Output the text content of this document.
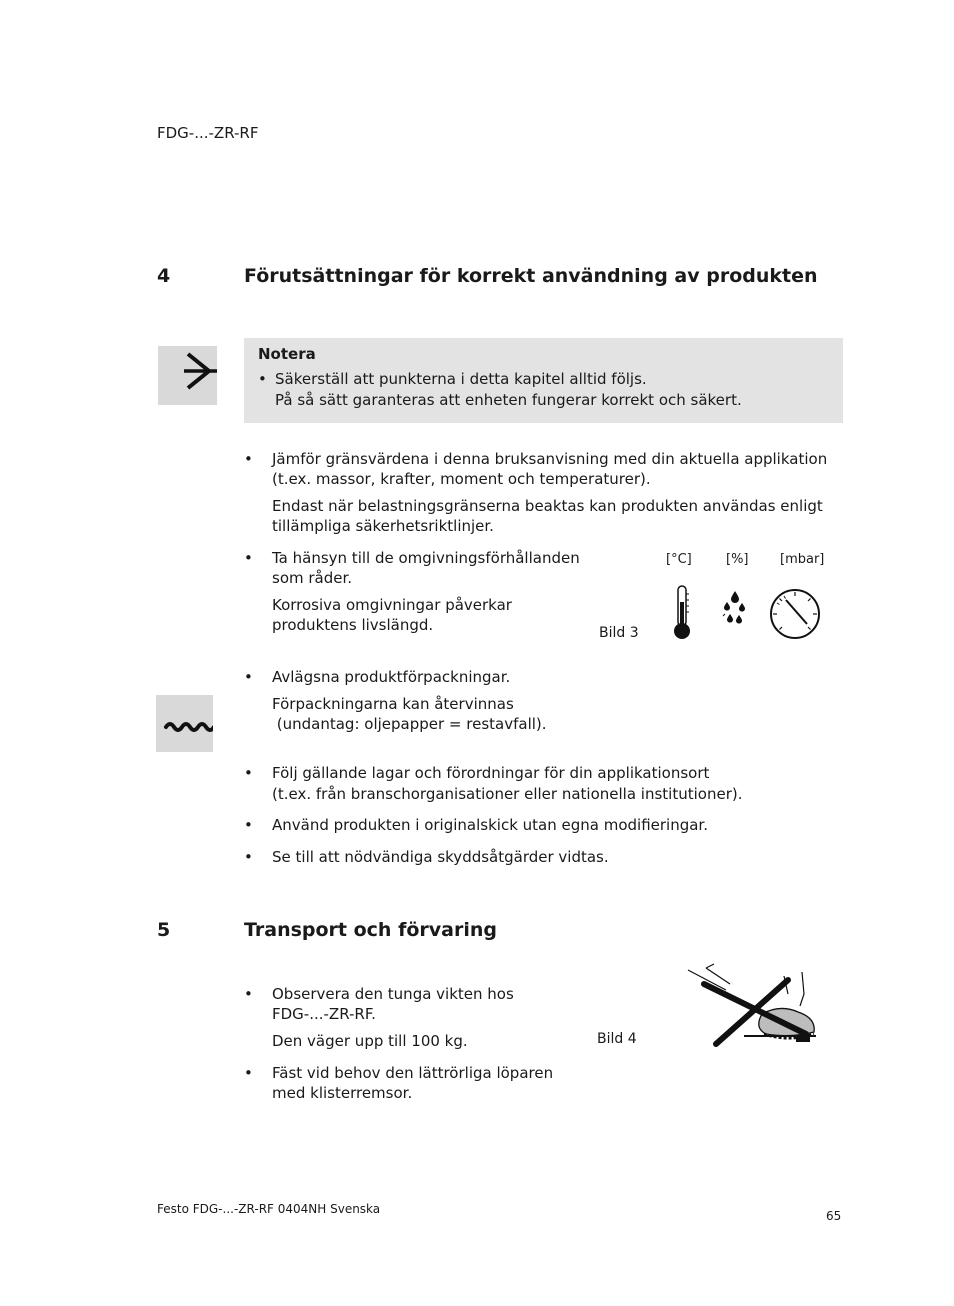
FDG-...-ZR-RF
4	Förutsättningar för korrekt användning av produkten
Notera
• Säkerställ att punkterna i detta kapitel alltid följs.
På så sätt garanteras att enheten fungerar korrekt och säkert.
• Jämför gränsvärdena i denna bruksanvisning med din aktuella applikation
(t.ex. massor, krafter, moment och temperaturer).
Endast när belastningsgränserna beaktas kan produkten användas enligt
tillämpliga säkerhetsriktlinjer.
• Ta hänsyn till de omgivningsförhållanden
som råder.
Korrosiva omgivningar påverkar
produktens livslängd.
[°C]	[%] [mbar]
Bild 3
• Avlägsna produktförpackningar.
Förpackningarna kan återvinnas
(undantag: oljepapper = restavfall).
• Följ gällande lagar och förordningar för din applikationsort
(t.ex. från branschorganisationer eller nationella institutioner).
• Använd produkten i originalskick utan egna modifieringar.
• Se till att nödvändiga skyddsåtgärder vidtas.
5	Transport och förvaring
• Observera den tunga vikten hos
FDG-...-ZR-RF.
Den väger upp till 100 kg.
• Fäst vid behov den lättrörliga löparen
med klisterremsor.
Bild 4
Festo FDG-...-ZR-RF 0404NH Svenska	65
